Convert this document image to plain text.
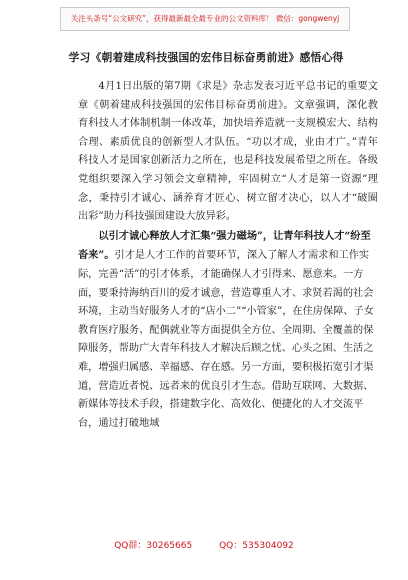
关注头条号“公文研究”，获得最新最全最专业的公文资料库！ 微信：gongwenyj
学习《朝着建成科技强国的宏伟目标奋勇前进》感悟心得

4月1日出版的第7期《求是》杂志发表习近平总书记的重要文章《朝着建成科技强国的宏伟目标奋勇前进》。文章强调，深化教育科技人才体制机制一体改革，加快培养造就一支规模宏大、结构合理、素质优良的创新型人才队伍。“功以才成，业由才广。”青年科技人才是国家创新活力之所在，也是科技发展希望之所在。各级党组织要深入学习领会文章精神，牢固树立“人才是第一资源”理念，秉持引才诚心、涵养育才匠心、树立留才决心，以人才“破圈出彩”助力科技强国建设大放异彩。

以引才诚心释放人才汇集“强力磁场”，让青年科技人才“纷至沓来”。引才是人才工作的首要环节，深入了解人才需求和工作实际，完善“活”的引才体系，才能确保人才引得来、愿意来。一方面，要秉持海纳百川的爱才诚意，营造尊重人才、求贤若渴的社会环境，主动当好服务人才的“店小二”“小管家”，在住房保障、子女教育医疗服务、配偶就业等方面提供全方位、全周期、全覆盖的保障服务，帮助广大青年科技人才解决后顾之忧、心头之困、生活之难，增强归属感、幸福感、存在感。另一方面，要积极拓宽引才渠道，营造近者悦、远者来的优良引才生态。借助互联网、大数据、新媒体等技术手段，搭建数字化、高效化、便捷化的人才交流平台，通过打破地域

QQ群：30265665	QQ：535304092
